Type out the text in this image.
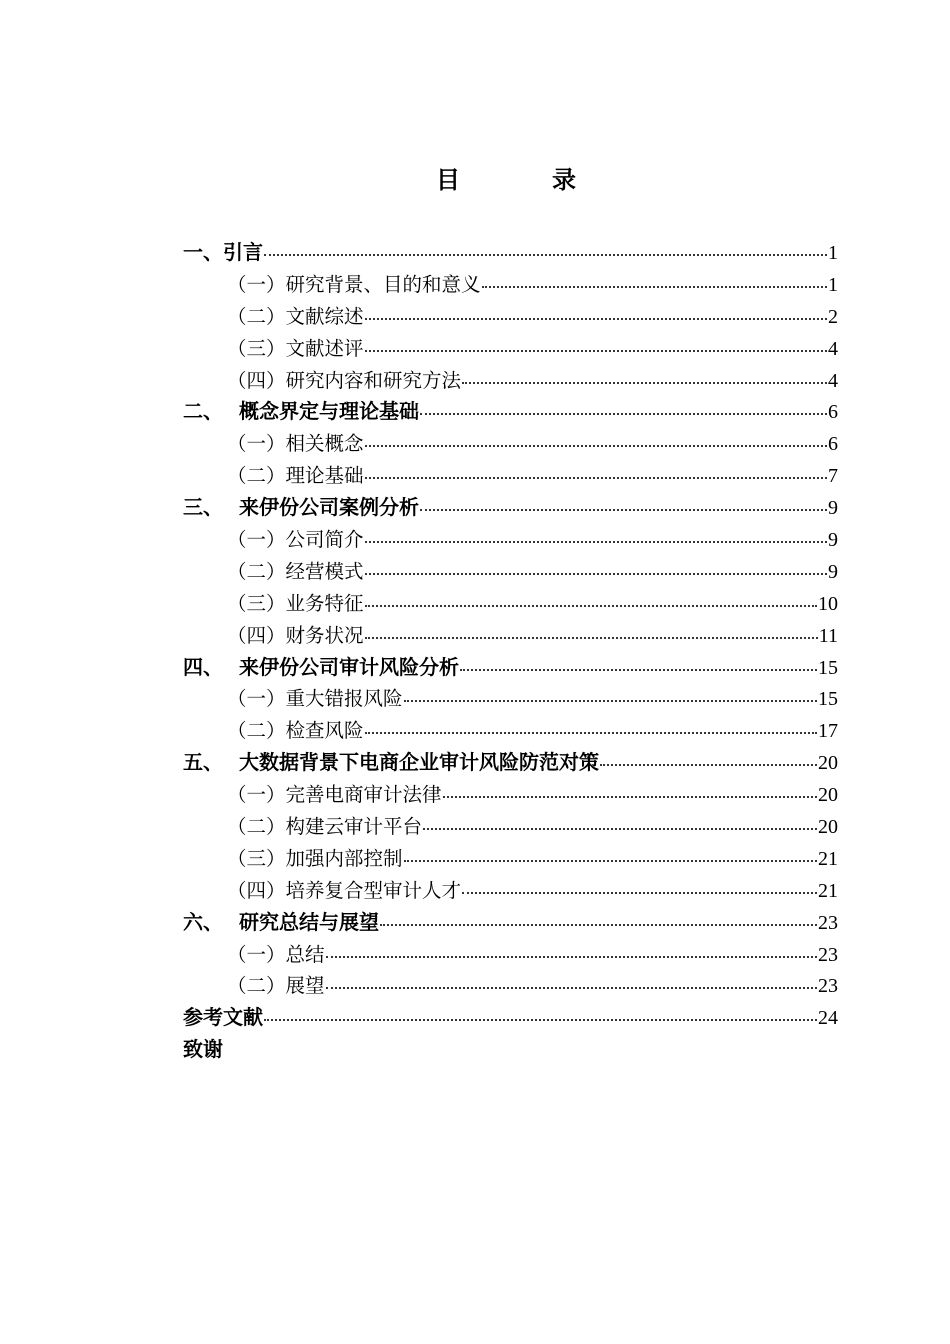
目	录
一、引言	1
（一）研究背景、目的和意义	1
（二）文献综述	2
（三）文献述评	4
（四）研究内容和研究方法	4
二、 概念界定与理论基础	6
（一）相关概念	6
（二）理论基础	7
三、 来伊份公司案例分析	9
（一）公司简介	9
（二）经营模式	9
（三）业务特征	10
（四）财务状况	11
四、 来伊份公司审计风险分析	15
（一）重大错报风险	15
（二）检查风险	17
五、 大数据背景下电商企业审计风险防范对策	20
（一）完善电商审计法律	20
（二）构建云审计平台	20
（三）加强内部控制	21
（四）培养复合型审计人才	21
六、 研究总结与展望	23
（一）总结	23
（二）展望	23
参考文献	24
致谢
